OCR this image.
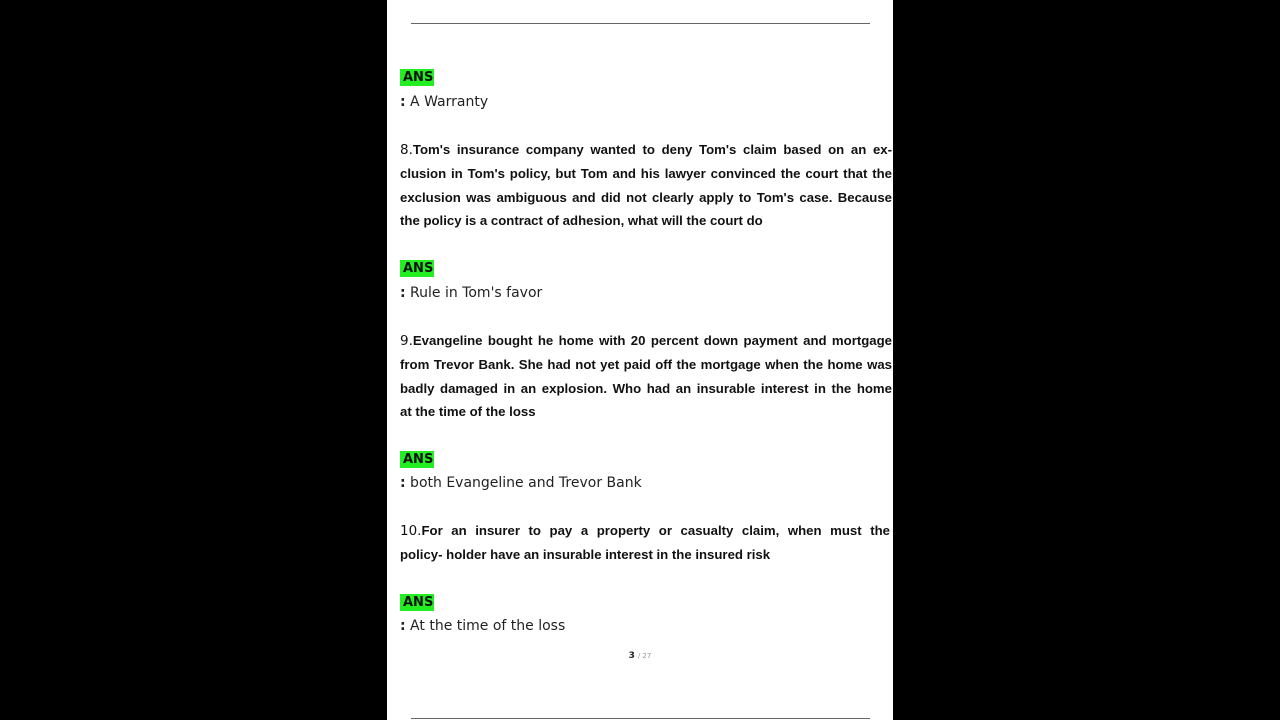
ANS
: A Warranty
8.Tom's insurance company wanted to deny Tom's claim based on an ex-
clusion in Tom's policy, but Tom and his lawyer convinced the court that the
exclusion was ambiguous and did not clearly apply to Tom's case. Because
the policy is a contract of adhesion, what will the court do
ANS
: Rule in Tom's favor
9.Evangeline bought he home with 20 percent down payment and mortgage
from Trevor Bank. She had not yet paid off the mortgage when the home was
badly damaged in an explosion. Who had an insurable interest in the home
at the time of the loss
ANS
: both Evangeline and Trevor Bank
10.For an insurer to pay a property or casualty claim, when must the
policy- holder have an insurable interest in the insured risk
ANS
: At the time of the loss
3 / 27
